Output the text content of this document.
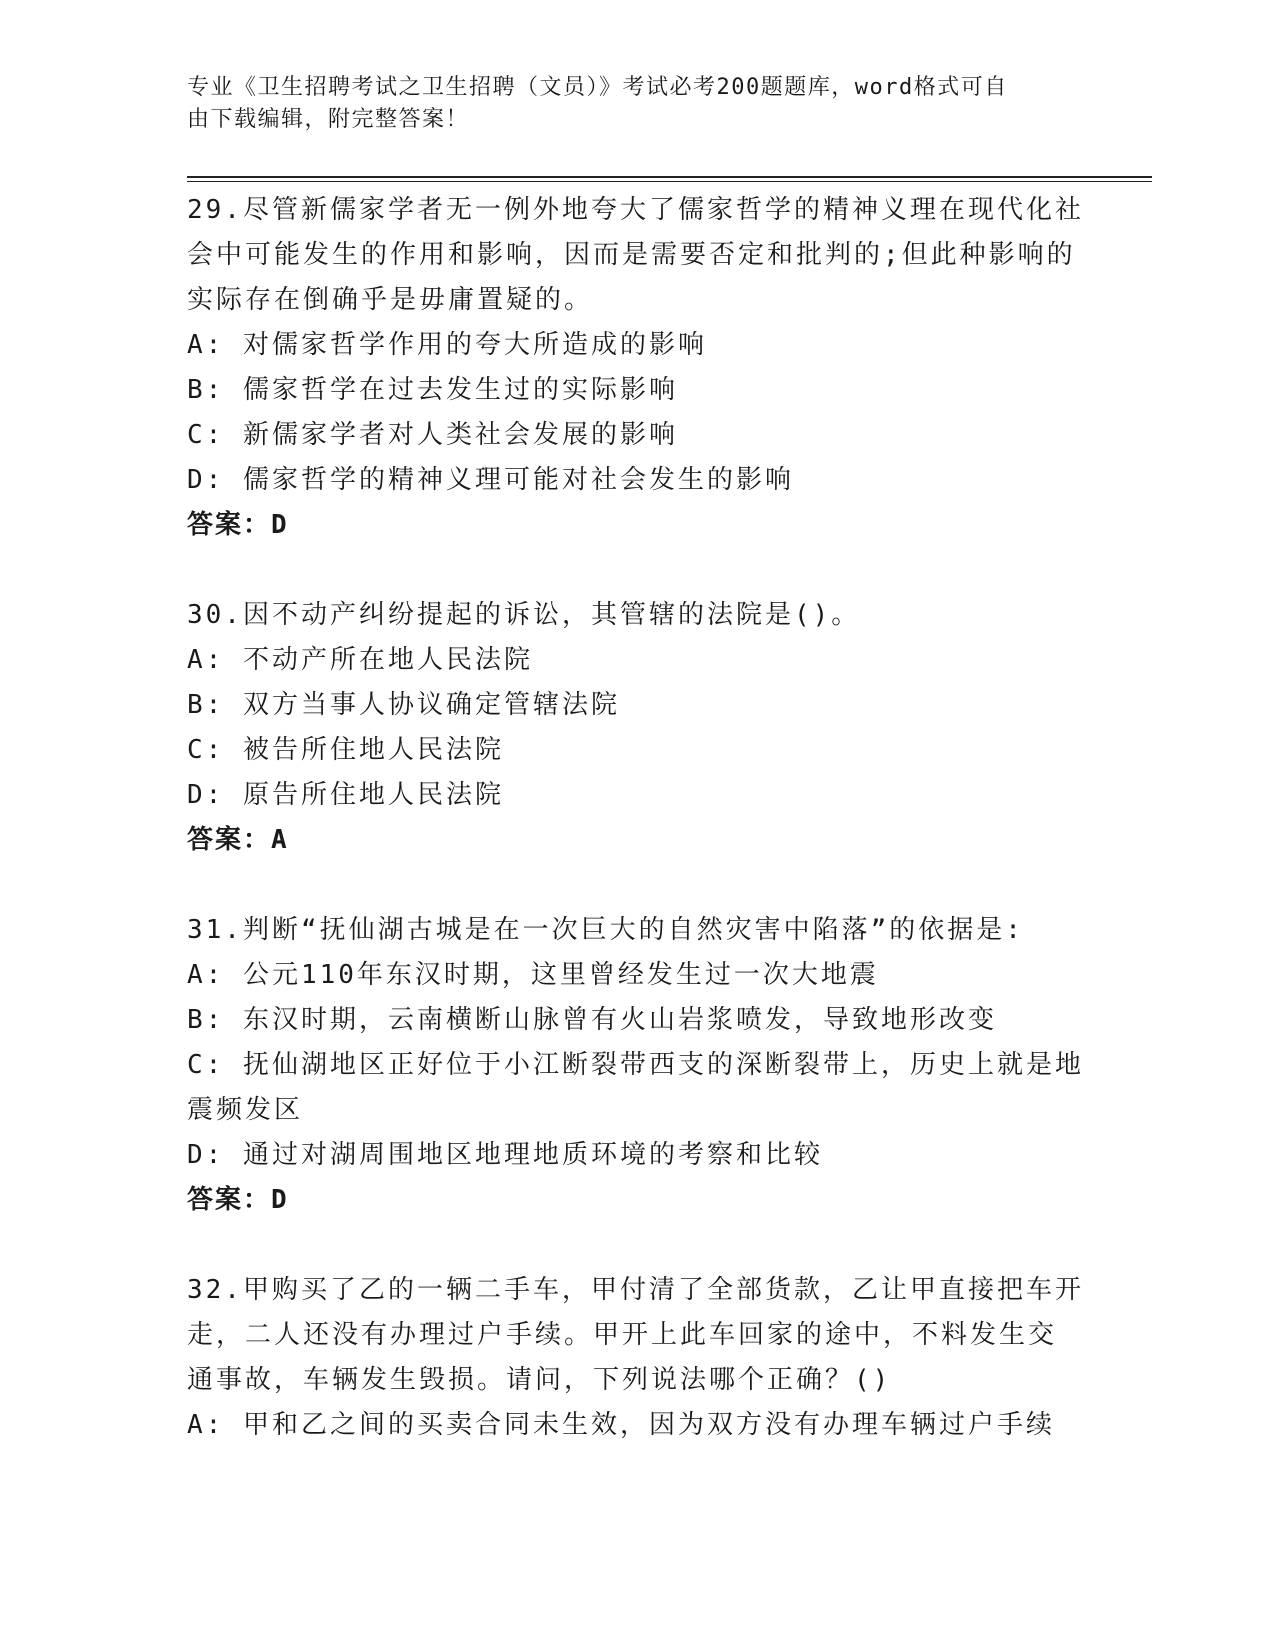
专业《卫生招聘考试之卫生招聘（文员）》考试必考200题题库，word格式可自
由下载编辑，附完整答案！

29.尽管新儒家学者无一例外地夸大了儒家哲学的精神义理在现代化社

会中可能发生的作用和影响，因而是需要否定和批判的;但此种影响的

实际存在倒确乎是毋庸置疑的。

A: 对儒家哲学作用的夸大所造成的影响

B: 儒家哲学在过去发生过的实际影响

C: 新儒家学者对人类社会发展的影响

D: 儒家哲学的精神义理可能对社会发生的影响

答案：D

30.因不动产纠纷提起的诉讼，其管辖的法院是()。

A: 不动产所在地人民法院

B: 双方当事人协议确定管辖法院

C: 被告所住地人民法院

D: 原告所住地人民法院

答案：A

31.判断“抚仙湖古城是在一次巨大的自然灾害中陷落”的依据是:

A: 公元110年东汉时期，这里曾经发生过一次大地震

B: 东汉时期，云南横断山脉曾有火山岩浆喷发，导致地形改变

C: 抚仙湖地区正好位于小江断裂带西支的深断裂带上，历史上就是地

震频发区

D: 通过对湖周围地区地理地质环境的考察和比较

答案：D

32.甲购买了乙的一辆二手车，甲付清了全部货款，乙让甲直接把车开

走，二人还没有办理过户手续。甲开上此车回家的途中，不料发生交

通事故，车辆发生毁损。请问，下列说法哪个正确？()

A: 甲和乙之间的买卖合同未生效，因为双方没有办理车辆过户手续
